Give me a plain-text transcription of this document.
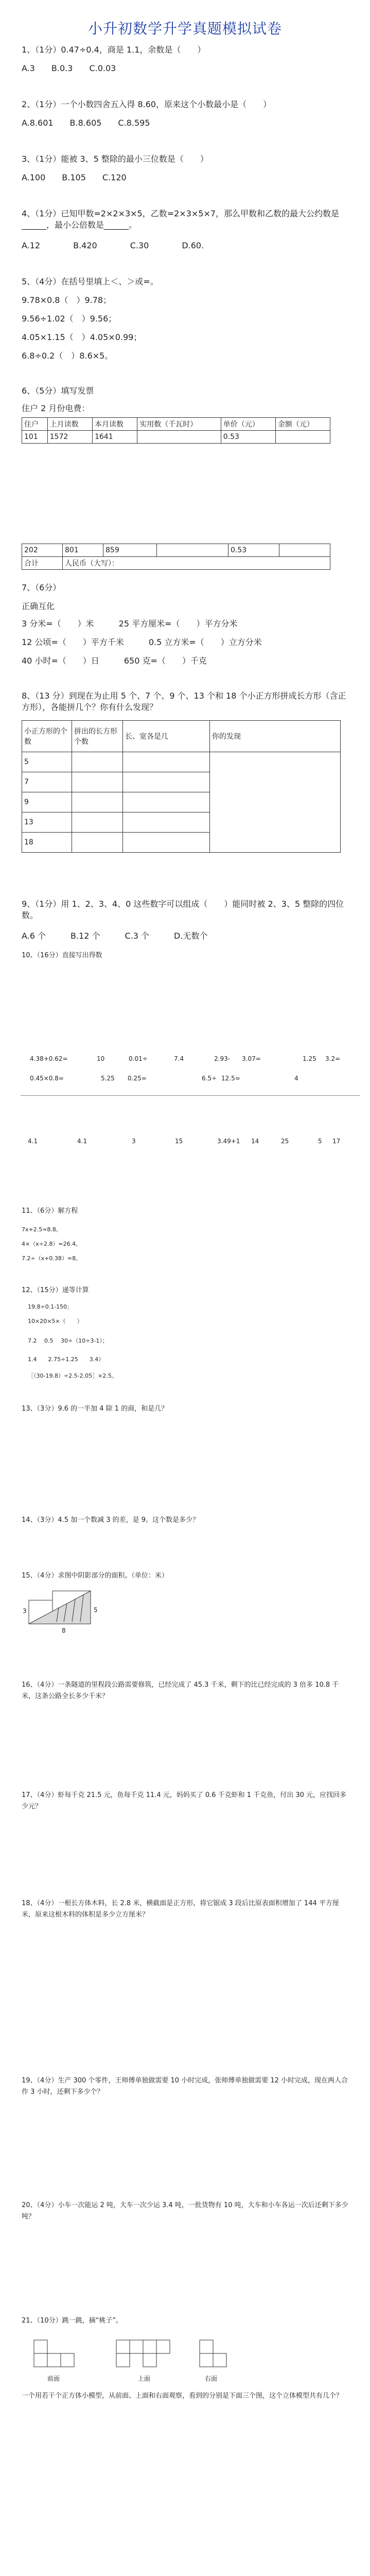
小升初数学升学真题模拟试卷
1、（1分）0.47÷0.4，商是 1.1，余数是（　　）
A.3　　B.0.3　　C.0.03
2、（1分）一个小数四舍五入得 8.60，原来这个小数最小是（　　）
A.8.601　　B.8.605　　C.8.595
3、（1分）能被 3、5 整除的最小三位数是（　　）
A.100　　B.105　　C.120
4、（1分）已知甲数=2×2×3×5，乙数=2×3×5×7，那么甲数和乙数的最大公约数是______，最小公倍数是______。
A.12　　　　B.420　　　　C.30　　　　D.60.
5、（4分）在括号里填上＜、＞或=。
9.78×0.8（　）9.78；
9.56÷1.02（　）9.56；
4.05×1.15（　）4.05×0.99；
6.8÷0.2（　）8.6×5。
6、（5分）填写发票
住户 2 月份电费：
住户	上月读数	本月读数	实用数（千瓦时）	单价（元）	金额（元）
101	1572	1641		0.53	
202	801	859		0.53	
合计	人民币（大写）：				
7、（6分）
正确互化
3 分米=（　　）米　　　25 平方厘米=（　　）平方分米
12 公顷=（　　）平方千米　　　0.5 立方米=（　　）立方分米
40 小时=（　　）日　　　650 克=（　　）千克
8、（13 分）到现在为止用 5 个、7 个、9 个、13 个和 18 个小正方形拼成长方形（含正方形），各能拼几个？你有什么发现？
小正方形的个数	拼出的长方形个数	长、宽各是几	你的发现
5			
7			
9			
13			
18			
9、（1分）用 1、2、3、4、0 这些数字可以组成（　　）能同时被 2、3、5 整除的四位数。
A.6 个　　　B.12 个　　　C.3 个　　　D.无数个
10、（16分）直接写出得数
4.38+0.62=	10	0.01÷	7.4	2.93- 3.07=	1.25 3.2=
0.45×0.8=	5.25 0.25=	6.5÷ 12.5=	4
4.1	4.1	3	15	3.49+1 14	25	5 17
11、（6分）解方程
7x+2.5=8.8。
4×（x÷2.8）=26.4。
7.2÷（x+0.38）=8。
12、（15分）递等计算
19.8÷0.1-150；
10×20×5×（　　）
7.2　 0.5　 30÷（10÷3-1）；
1.4　　2.75÷1.25　　3.4）　
［（30-19.8）÷2.5-2.05］×2.5。
13、（3分）9.6 的一半加 4 除 1 的商，和是几？
14、（3分）4.5 加一个数减 3 的差，是 9。这个数是多少？
15、（4分）求图中阴影部分的面积。（单位：米）
3	5
8
16、（4分）一条隧道的里程段公路需要修筑，已经完成了 45.3 千米，剩下的比已经完成的 3 倍多 10.8 千米，这条公路全长多少千米？
17、（4分）虾每千克 21.5 元，鱼每千克 11.4 元，妈妈买了 0.6 千克虾和 1 千克鱼，付出 30 元，应找回多少元？
18、（4分）一根长方体木料，长 2.8 米，横截面是正方形，将它锯成 3 段后比原表面积增加了 144 平方厘米，原来这根木料的体积是多少立方厘米？
19、（4分）生产 300 个零件，王师傅单独做需要 10 小时完成，张师傅单独做需要 12 小时完成，现在两人合作 3 小时，还剩下多少个？
20、（4分）小车一次能运 2 吨，大车一次少运 3.4 吨，一批货物有 10 吨，大车和小车各运一次后还剩下多少吨？
21、（10分）跳一跳，摘“桃子”。
前面	上面	右面
一个用若干个正方体小模型，从前面、上面和右面观察，看到的分别是下面三个图，这个立体模型共有几个？
